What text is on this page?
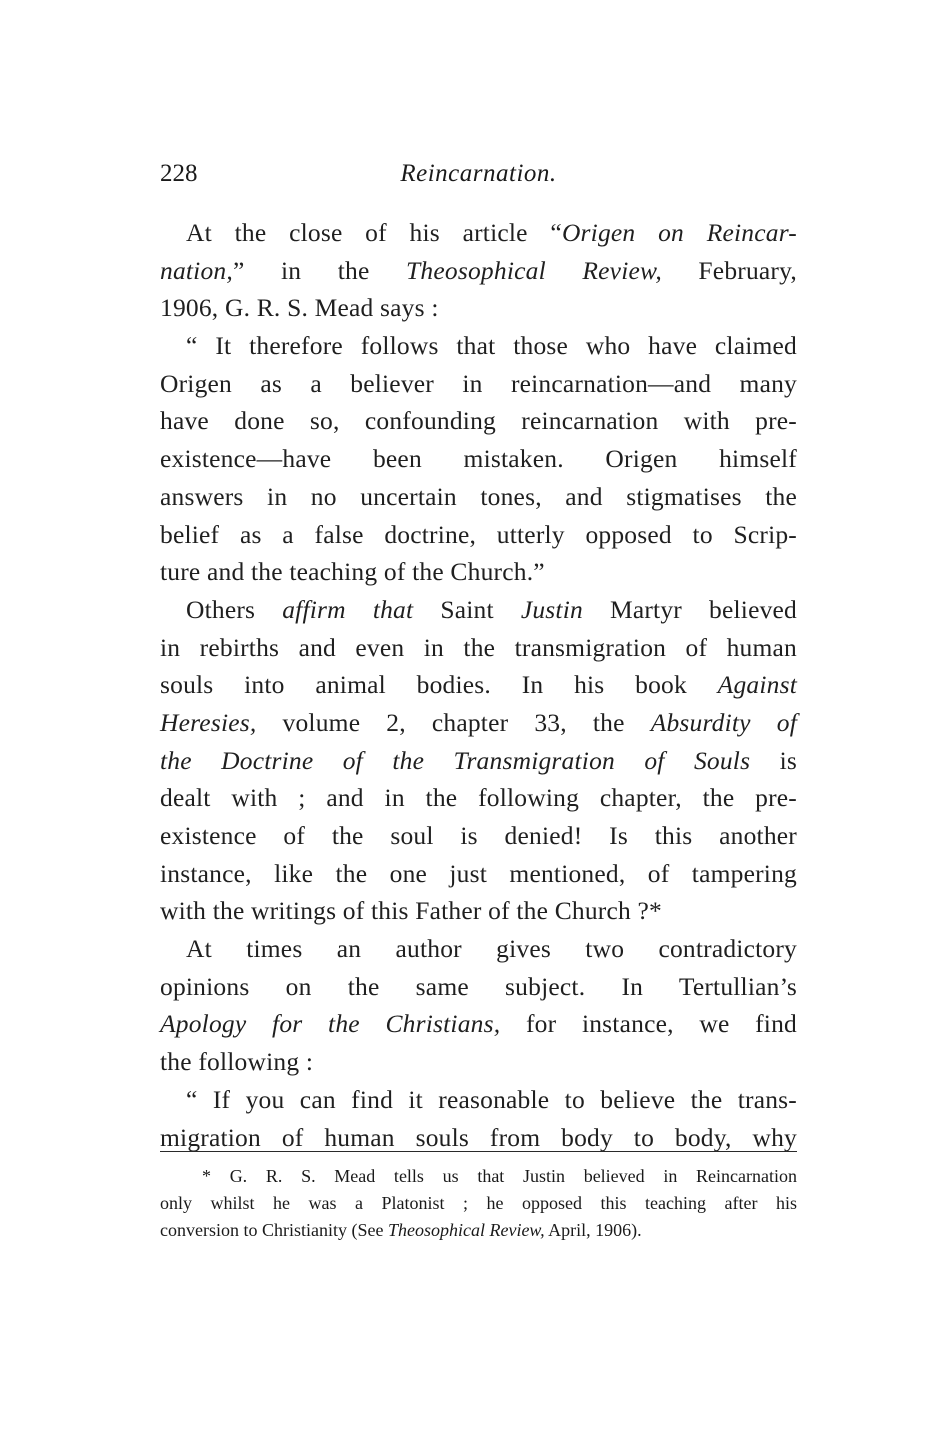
228	Reincarnation.
At the close of his article “Origen on Reincar-
nation,” in the Theosophical Review, February,
1906, G. R. S. Mead says :
“ It therefore follows that those who have claimed
Origen as a believer in reincarnation—and many
have done so, confounding reincarnation with pre-
existence—have been mistaken. Origen himself
answers in no uncertain tones, and stigmatises the
belief as a false doctrine, utterly opposed to Scrip-
ture and the teaching of the Church.”
Others affirm that Saint Justin Martyr believed
in rebirths and even in the transmigration of human
souls into animal bodies. In his book Against
Heresies, volume 2, chapter 33, the Absurdity of
the Doctrine of the Transmigration of Souls is
dealt with ; and in the following chapter, the pre-
existence of the soul is denied! Is this another
instance, like the one just mentioned, of tampering
with the writings of this Father of the Church ?*
At times an author gives two contradictory
opinions on the same subject. In Tertullian’s
Apology for the Christians, for instance, we find
the following :
“ If you can find it reasonable to believe the trans-
migration of human souls from body to body, why
* G. R. S. Mead tells us that Justin believed in Reincarnation
only whilst he was a Platonist ; he opposed this teaching after his
conversion to Christianity (See Theosophical Review, April, 1906).
